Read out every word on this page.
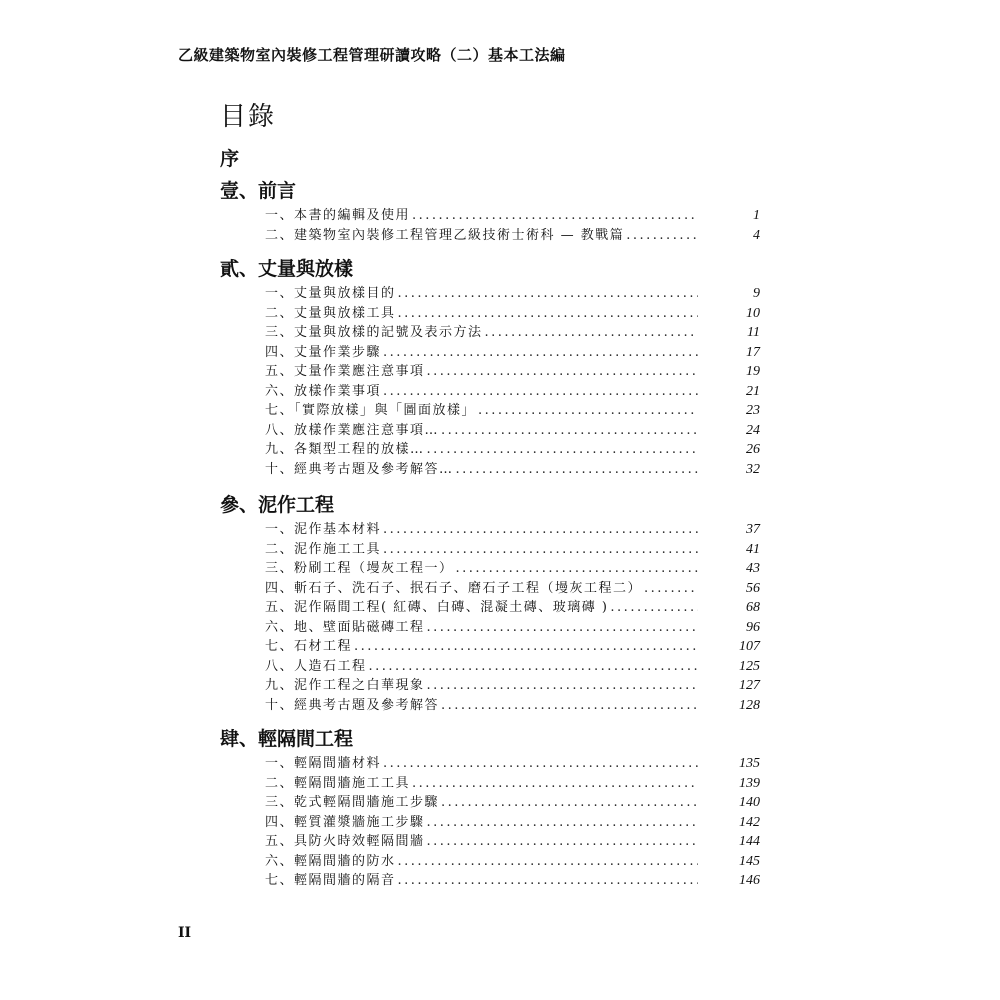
乙級建築物室內裝修工程管理研讀攻略（二）基本工法編
目錄
序
壹、前言
一、本書的編輯及使用 .....	1
二、建築物室內裝修工程管理乙級技術士術科 — 教戰篇 .....	4
貳、丈量與放樣
一、丈量與放樣目的 .....	9
二、丈量與放樣工具 .....	10
三、丈量與放樣的記號及表示方法 .....	11
四、丈量作業步驟 .....	17
五、丈量作業應注意事項 .....	19
六、放樣作業事項 .....	21
七、「實際放樣」與「圖面放樣」 .....	23
八、放樣作業應注意事項… .....	24
九、各類型工程的放樣… .....	26
十、經典考古題及參考解答… .....	32
參、泥作工程
一、泥作基本材料 .....	37
二、泥作施工工具 .....	41
三、粉刷工程（墁灰工程一） .....	43
四、斬石子、洗石子、抿石子、磨石子工程（墁灰工程二） .....	56
五、泥作隔間工程( 紅磚、白磚、混凝土磚、玻璃磚 ) .....	68
六、地、壁面貼磁磚工程 .....	96
七、石材工程 .....	107
八、人造石工程 .....	125
九、泥作工程之白華現象 .....	127
十、經典考古題及參考解答 .....	128
肆、輕隔間工程
一、輕隔間牆材料 .....	135
二、輕隔間牆施工工具 .....	139
三、乾式輕隔間牆施工步驟 .....	140
四、輕質灌漿牆施工步驟 .....	142
五、具防火時效輕隔間牆 .....	144
六、輕隔間牆的防水 .....	145
七、輕隔間牆的隔音 .....	146
II
